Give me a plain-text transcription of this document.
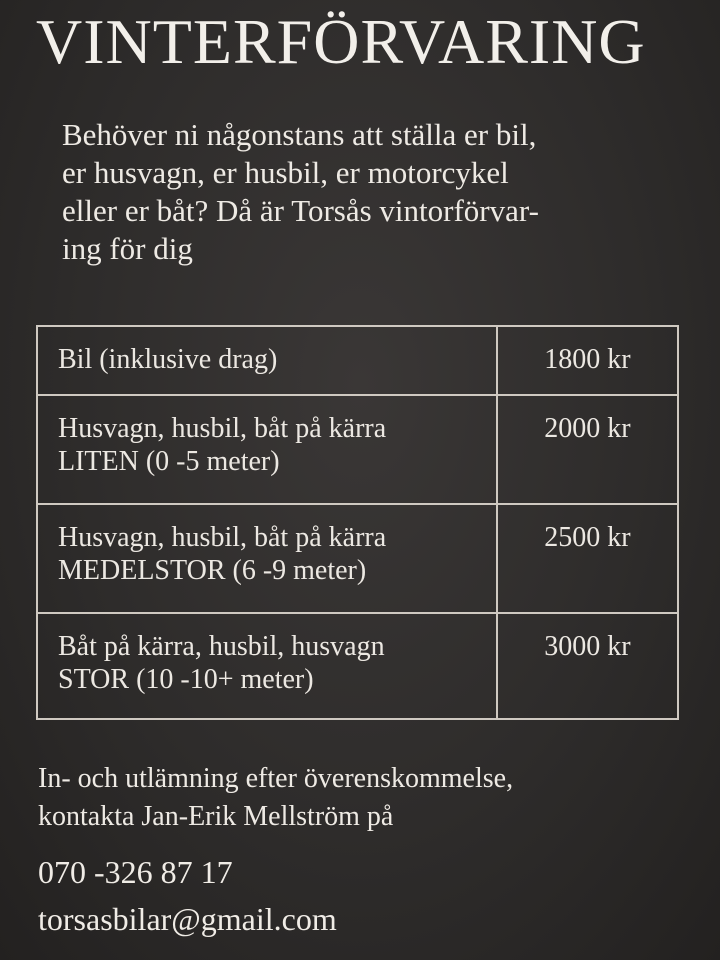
VINTERFÖRVARING
Behöver ni någonstans att ställa er bil,
er husvagn, er husbil, er motorcykel
eller er båt? Då är Torsås vintorförvar-
ing för dig
Bil (inklusive drag)	1800 kr

Husvagn, husbil, båt på kärra
LITEN (0 -5 meter)	2000 kr

Husvagn, husbil, båt på kärra
MEDELSTOR (6 -9 meter)	2500 kr

Båt på kärra, husbil, husvagn
STOR (10 -10+ meter)	3000 kr
In- och utlämning efter överenskommelse,
kontakta Jan-Erik Mellström på
070 -326 87 17
torsasbilar@gmail.com
